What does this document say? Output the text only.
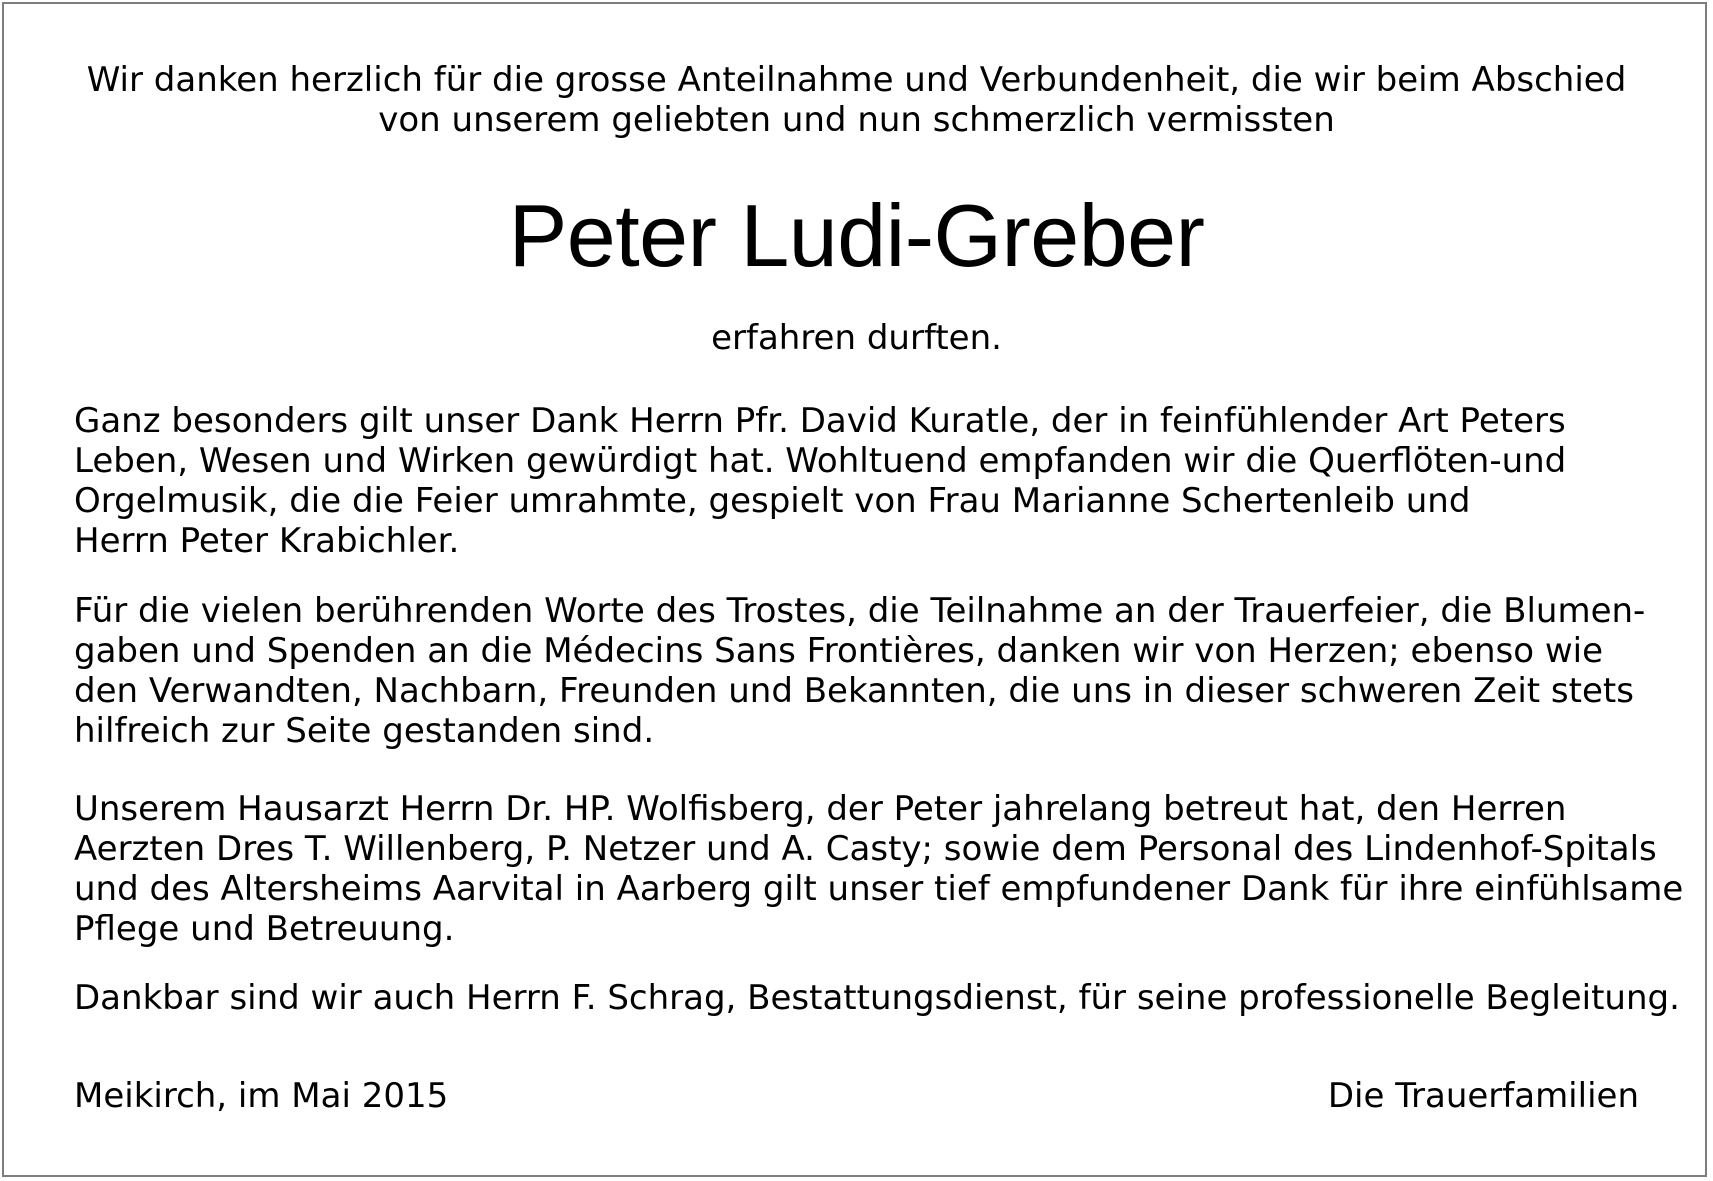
Wir danken herzlich für die grosse Anteilnahme und Verbundenheit, die wir beim Abschied
von unserem geliebten und nun schmerzlich vermissten

Peter Ludi-Greber

erfahren durften.

Ganz besonders gilt unser Dank Herrn Pfr. David Kuratle, der in feinfühlender Art Peters
Leben, Wesen und Wirken gewürdigt hat. Wohltuend empfanden wir die Querflöten-und
Orgelmusik, die die Feier umrahmte, gespielt von Frau Marianne Schertenleib und
Herrn Peter Krabichler.

Für die vielen berührenden Worte des Trostes, die Teilnahme an der Trauerfeier, die Blumen-
gaben und Spenden an die Médecins Sans Frontières, danken wir von Herzen; ebenso wie
den Verwandten, Nachbarn, Freunden und Bekannten, die uns in dieser schweren Zeit stets
hilfreich zur Seite gestanden sind.

Unserem Hausarzt Herrn Dr. HP. Wolfisberg, der Peter jahrelang betreut hat, den Herren
Aerzten Dres T. Willenberg, P. Netzer und A. Casty; sowie dem Personal des Lindenhof-Spitals
und des Altersheims Aarvital in Aarberg gilt unser tief empfundener Dank für ihre einfühlsame
Pflege und Betreuung.

Dankbar sind wir auch Herrn F. Schrag, Bestattungsdienst, für seine professionelle Begleitung.

Meikirch, im Mai 2015	Die Trauerfamilien
